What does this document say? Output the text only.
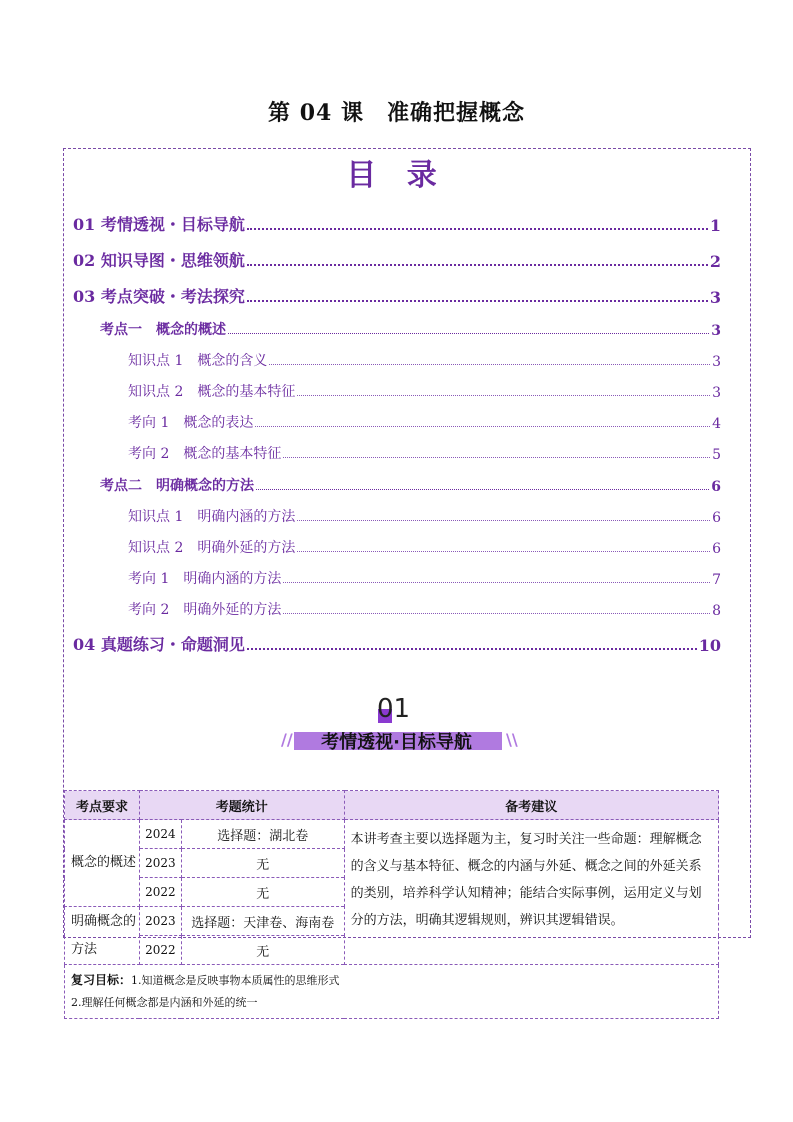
第 04 课　准确把握概念
目 录
01 考情透视・目标导航	1
02 知识导图・思维领航	2
03 考点突破・考法探究	3
考点一　概念的概述	3
知识点 1　概念的含义	3
知识点 2　概念的基本特征	3
考向 1　概念的表达	4
考向 2　概念的基本特征	5
考点二　明确概念的方法	6
知识点 1　明确内涵的方法	6
知识点 2　明确外延的方法	6
考向 1　明确内涵的方法	7
考向 2　明确外延的方法	8
04 真题练习・命题洞见	10
01
//	\\
考情透视·目标导航
考点要求	考题统计		备考建议
概念的概述	2024	选择题：湖北卷	本讲考查主要以选择题为主，复习时关注一些命题：理解概念的含义与基本特征、概念的内涵与外延、概念之间的外延关系的类别，培养科学认知精神；能结合实际事例，运用定义与划分的方法，明确其逻辑规则，辨识其逻辑错误。
	2023	无	
	2022	无	
明确概念的方法	2023	选择题：天津卷、海南卷	
	2022	无	
复习目标：1.知道概念是反映事物本质属性的思维形式
2.理解任何概念都是内涵和外延的统一			
